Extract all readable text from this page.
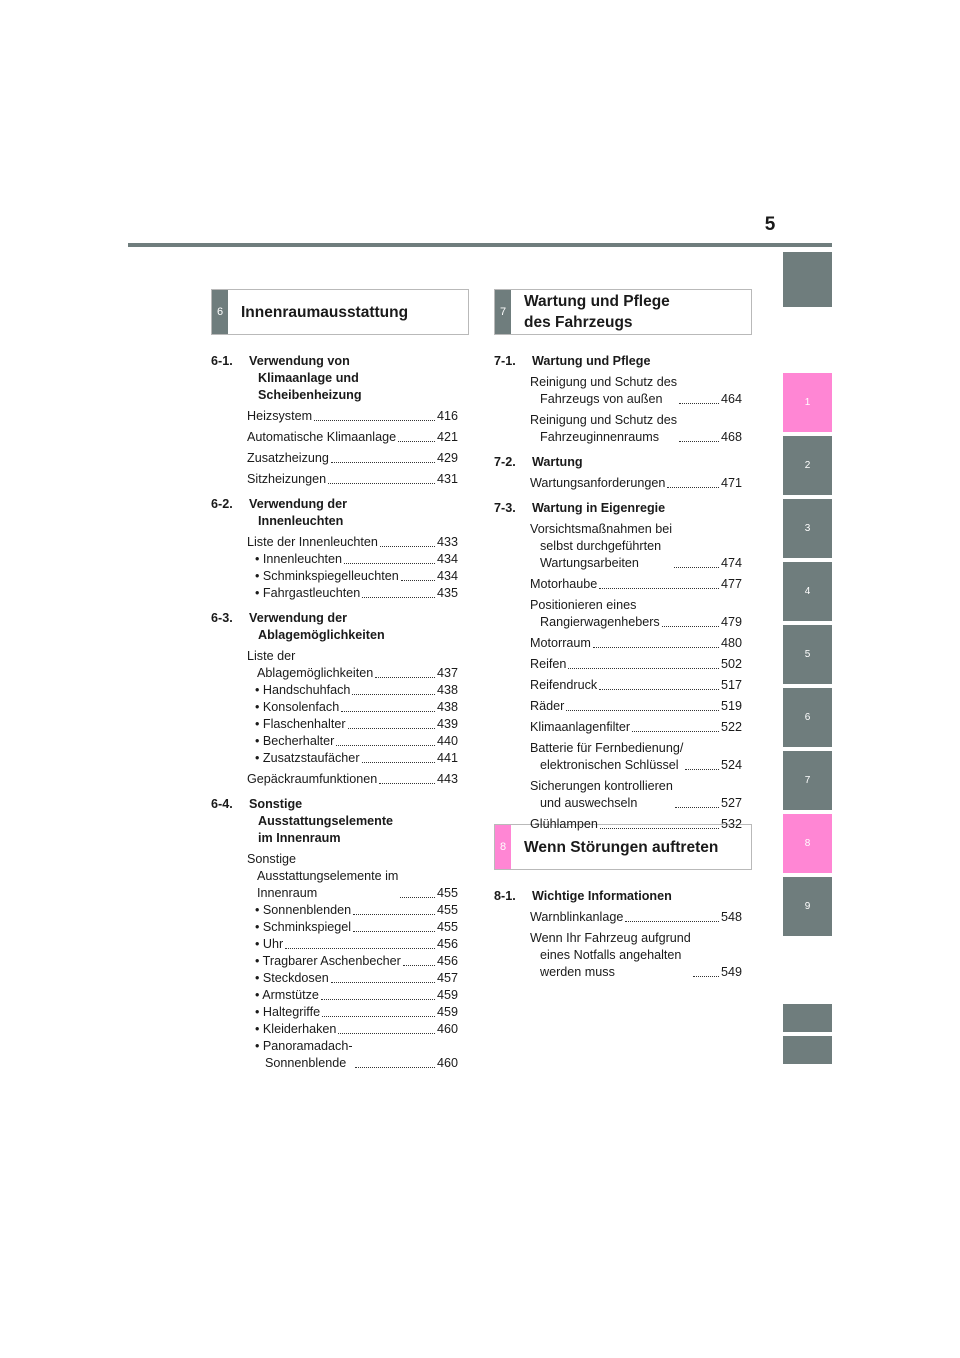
5
1
2
3
4
5
6
7
8
9
6	Innenraumausstattung	7
Wartung und Pflege
des Fahrzeugs
8	Wenn Störungen auftreten
6-1.	Verwendung von
Klimaanlage und
Scheibenheizung
Heizsystem	416
Automatische Klimaanlage	421
Zusatzheizung	429
Sitzheizungen	431
6-2.	Verwendung der
Innenleuchten
Liste der Innenleuchten	433
• Innenleuchten	434
• Schminkspiegelleuchten	434
• Fahrgastleuchten	435
6-3.	Verwendung der
Ablagemöglichkeiten
Liste der
Ablagemöglichkeiten	437
• Handschuhfach	438
• Konsolenfach	438
• Flaschenhalter	439
• Becherhalter	440
• Zusatzstaufächer	441
Gepäckraumfunktionen	443
6-4.	Sonstige
Ausstattungselemente
im Innenraum
Sonstige
Ausstattungselemente im
Innenraum	455
• Sonnenblenden	455
• Schminkspiegel	455
• Uhr	456
• Tragbarer Aschenbecher	456
• Steckdosen	457
• Armstütze	459
• Haltegriffe	459
• Kleiderhaken	460
• Panoramadach-
Sonnenblende	460
7-1.	Wartung und Pflege
Reinigung und Schutz des
Fahrzeugs von außen	464
Reinigung und Schutz des
Fahrzeuginnenraums	468
7-2.	Wartung
Wartungsanforderungen	471
7-3.	Wartung in Eigenregie
Vorsichtsmaßnahmen bei
selbst durchgeführten
Wartungsarbeiten	474
Motorhaube	477
Positionieren eines
Rangierwagenhebers	479
Motorraum	480
Reifen	502
Reifendruck	517
Räder	519
Klimaanlagenfilter	522
Batterie für Fernbedienung/
elektronischen Schlüssel	524
Sicherungen kontrollieren
und auswechseln	527
Glühlampen	532
8-1.	Wichtige Informationen
Warnblinkanlage	548
Wenn Ihr Fahrzeug aufgrund
eines Notfalls angehalten
werden muss	549
